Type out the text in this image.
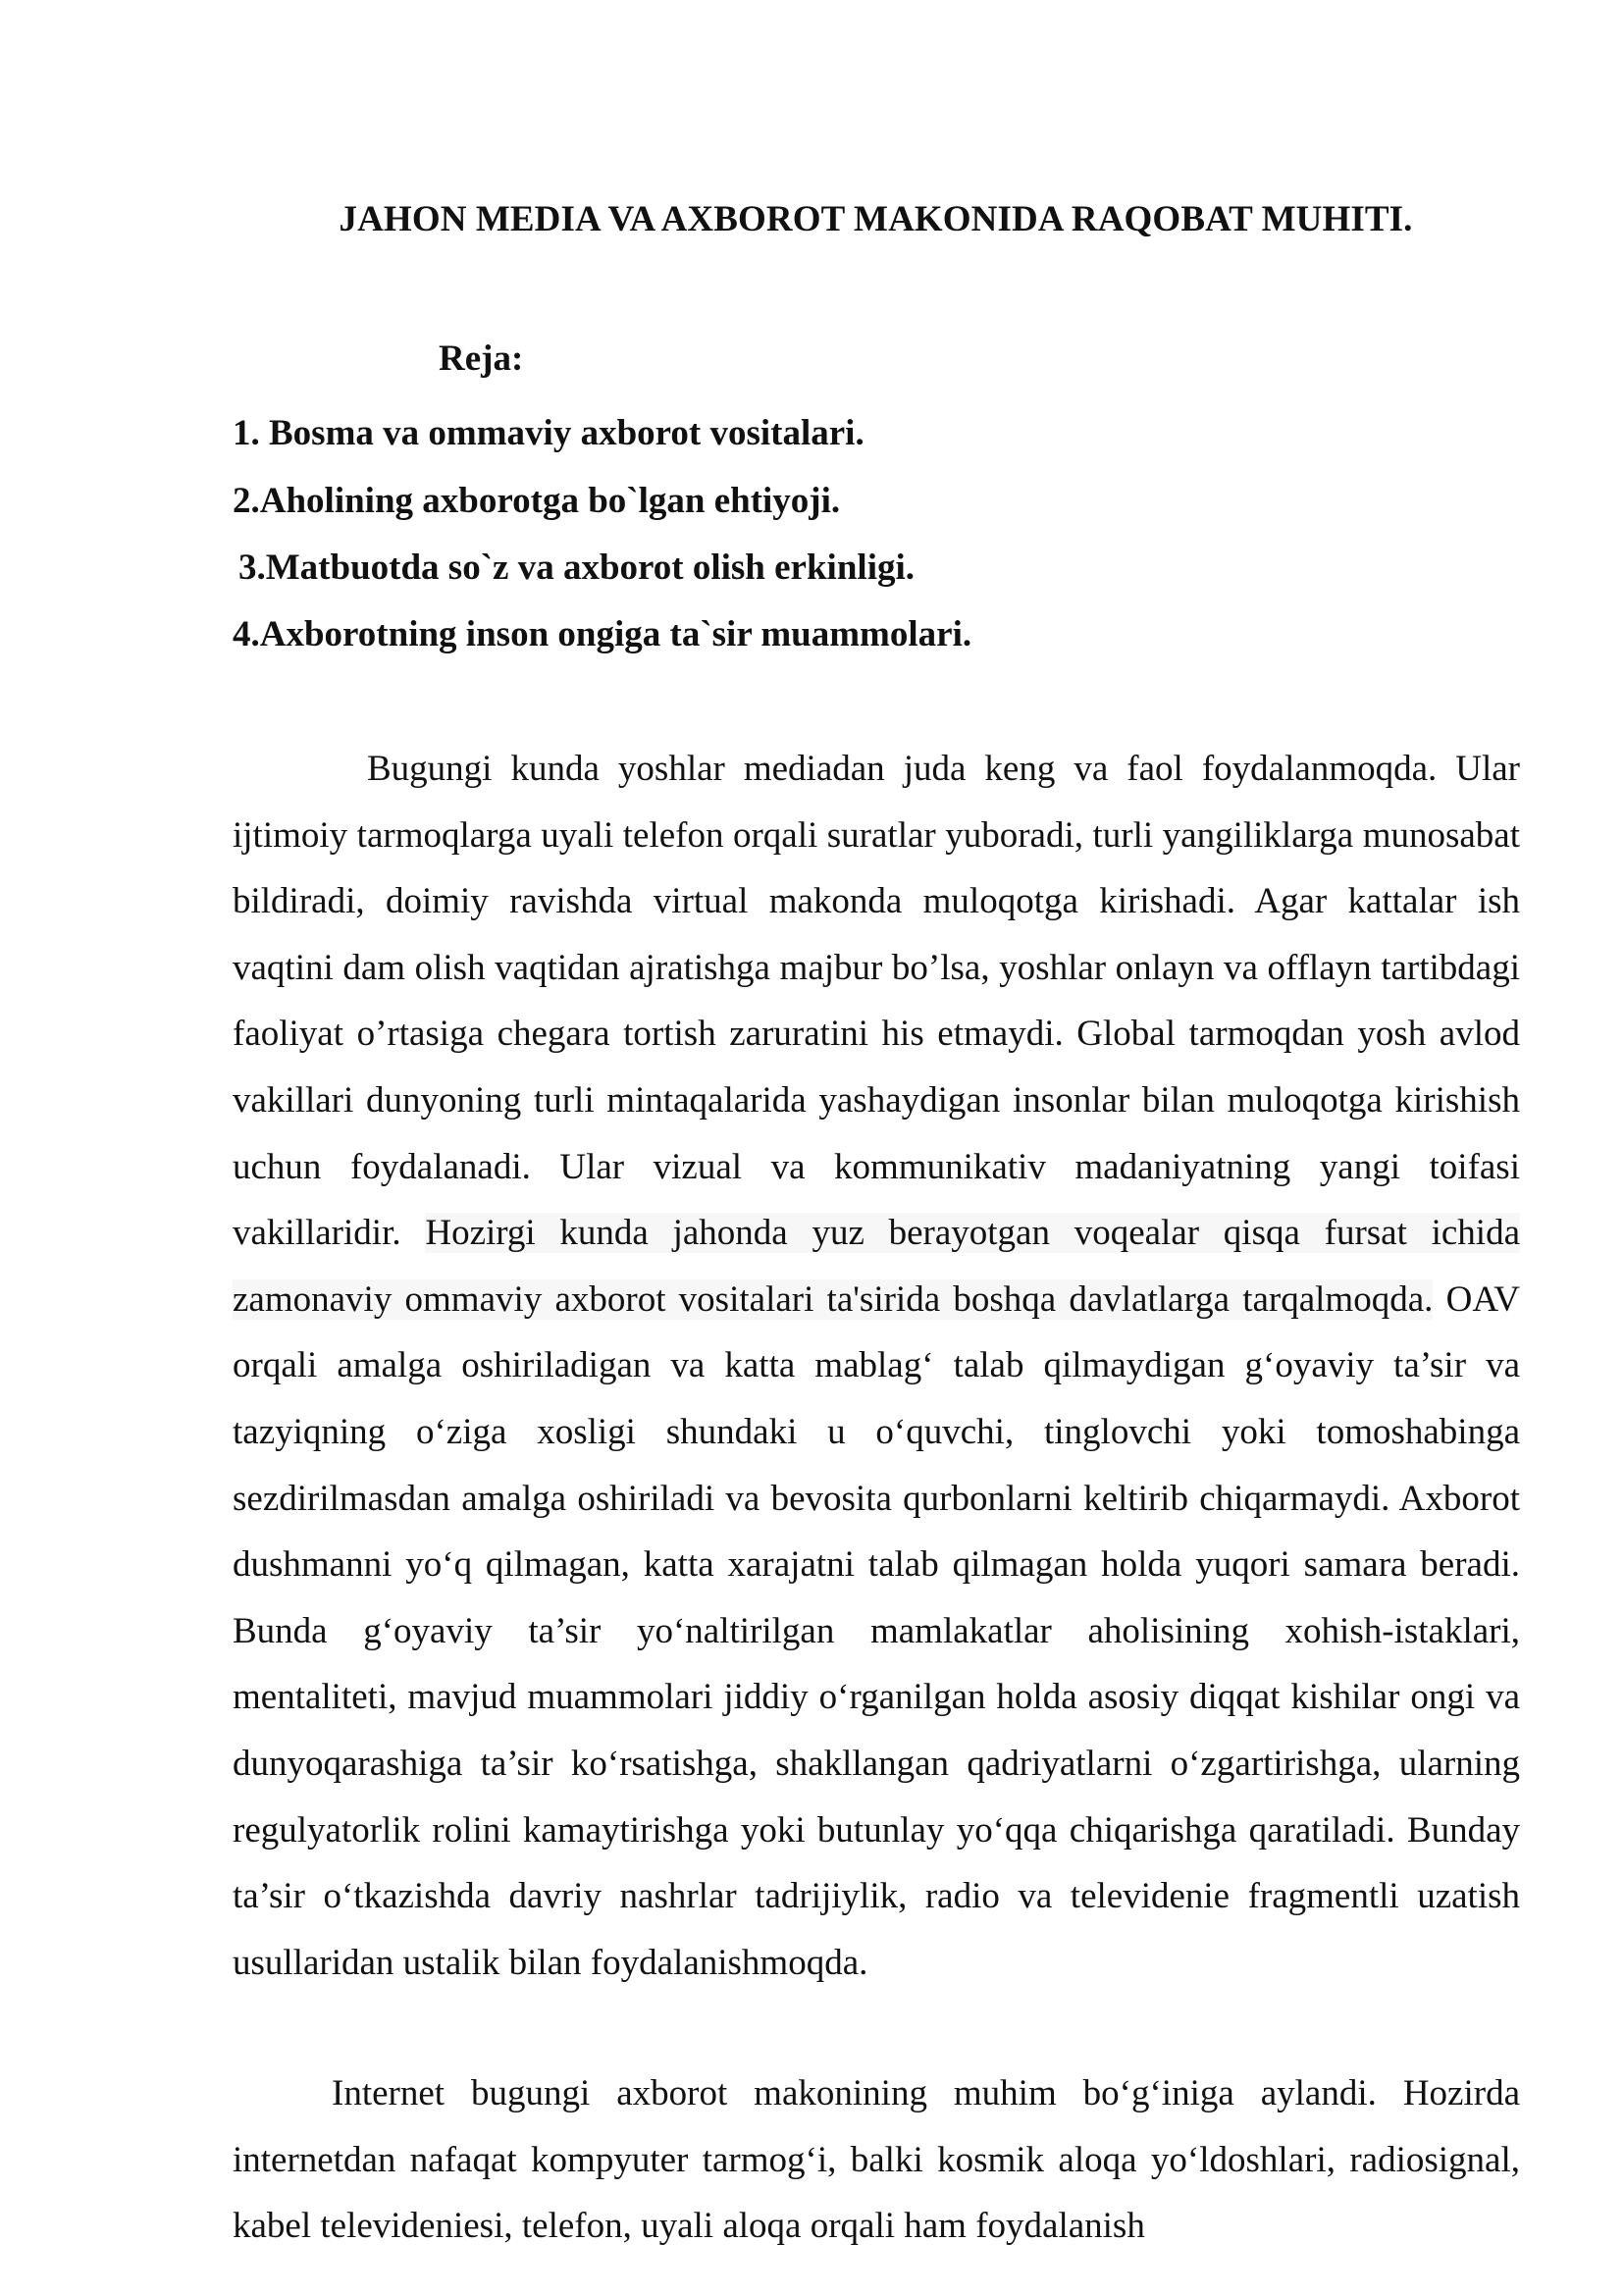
JAHON MEDIA VA AXBOROT MAKONIDA RAQOBAT MUHITI.
Reja:
1. Bosma va ommaviy axborot vositalari.
2.Aholining axborotga bo`lgan ehtiyoji.
3.Matbuotda so`z va axborot olish erkinligi.
4.Axborotning inson ongiga ta`sir muammolari.
Bugungi kunda yoshlar mediadan juda keng va faol foydalanmoqda. Ular ijtimoiy tarmoqlarga uyali telefon orqali suratlar yuboradi, turli yangiliklarga munosabat bildiradi, doimiy ravishda virtual makonda muloqotga kirishadi. Agar kattalar ish vaqtini dam olish vaqtidan ajratishga majbur bo’lsa, yoshlar onlayn va offlayn tartibdagi faoliyat o’rtasiga chegara tortish zaruratini his etmaydi. Global tarmoqdan yosh avlod vakillari dunyoning turli mintaqalarida yashaydigan insonlar bilan muloqotga kirishish uchun foydalanadi. Ular vizual va kommunikativ madaniyatning yangi toifasi vakillaridir. Hozirgi kunda jahonda yuz berayotgan voqealar qisqa fursat ichida zamonaviy ommaviy axborot vositalari ta'sirida boshqa davlatlarga tarqalmoqda. OAV orqali amalga oshiriladigan va katta mablag‘ talab qilmaydigan g‘oyaviy ta’sir va tazyiqning o‘ziga xosligi shundaki u o‘quvchi, tinglovchi yoki tomoshabinga sezdirilmasdan amalga oshiriladi va bevosita qurbonlarni keltirib chiqarmaydi. Axborot dushmanni yo‘q qilmagan, katta xarajatni talab qilmagan holda yuqori samara beradi. Bunda g‘oyaviy ta’sir yo‘naltirilgan mamlakatlar aholisining xohish-istaklari, mentaliteti, mavjud muammolari jiddiy o‘rganilgan holda asosiy diqqat kishilar ongi va dunyoqarashiga ta’sir ko‘rsatishga, shakllangan qadriyatlarni o‘zgartirishga, ularning regulyatorlik rolini kamaytirishga yoki butunlay yo‘qqa chiqarishga qaratiladi. Bunday ta’sir o‘tkazishda davriy nashrlar tadrijiylik, radio va televidenie fragmentli uzatish usullaridan ustalik bilan foydalanishmoqda.
Internet bugungi axborot makonining muhim bo‘g‘iniga aylandi. Hozirda internetdan nafaqat kompyuter tarmog‘i, balki kosmik aloqa yo‘ldoshlari, radiosignal, kabel televideniesi, telefon, uyali aloqa orqali ham foydalanish
